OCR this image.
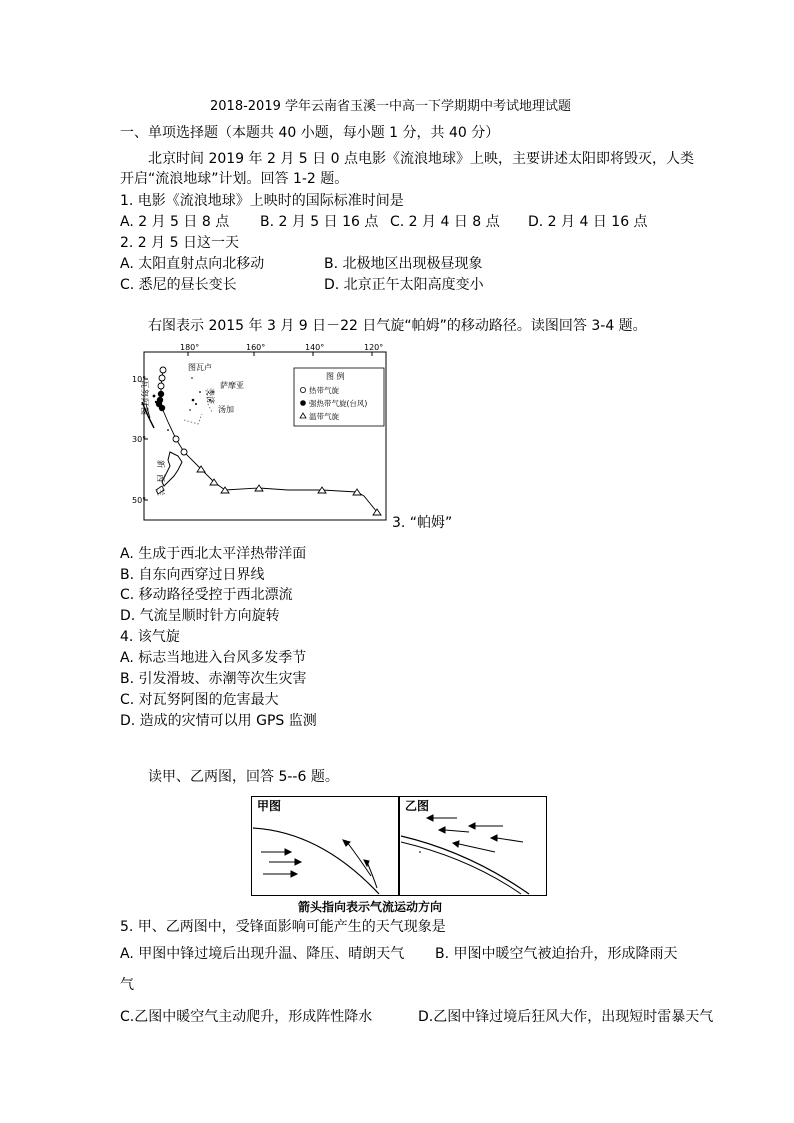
2018-2019 学年云南省玉溪一中高一下学期期中考试地理试题
一、单项选择题（本题共 40 小题，每小题 1 分，共 40 分）
北京时间 2019 年 2 月 5 日 0 点电影《流浪地球》上映，主要讲述太阳即将毁灭，人类
开启“流浪地球”计划。回答 1-2 题。
1. 电影《流浪地球》上映时的国际标准时间是
A. 2 月 5 日 8 点 B. 2 月 5 日 16 点 C. 2 月 4 日 8 点 D. 2 月 4 日 16 点
2. 2 月 5 日这一天
A. 太阳直射点向北移动	B. 北极地区出现极昼现象
C. 悉尼的昼长变长	D. 北京正午太阳高度变小
右图表示 2015 年 3 月 9 日－22 日气旋“帕姆”的移动路径。读图回答 3-4 题。
180°	160°	140°	120°
10°
30°
50°
图瓦卢
瓦努阿图	斐济
萨摩亚
汤加
新西兰
图 例
热带气旋
强热带气旋(台风)
温带气旋
3. “帕姆”
A. 生成于西北太平洋热带洋面
B. 自东向西穿过日界线
C. 移动路径受控于西北漂流
D. 气流呈顺时针方向旋转
4. 该气旋
A. 标志当地进入台风多发季节
B. 引发滑坡、赤潮等次生灾害
C. 对瓦努阿图的危害最大
D. 造成的灾情可以用 GPS 监测
读甲、乙两图，回答 5--6 题。
甲图	乙图
箭头指向表示气流运动方向
5. 甲、乙两图中，受锋面影响可能产生的天气现象是
A. 甲图中锋过境后出现升温、降压、晴朗天气 B. 甲图中暖空气被迫抬升，形成降雨天
气
C.乙图中暖空气主动爬升，形成阵性降水	D.乙图中锋过境后狂风大作，出现短时雷暴天气
